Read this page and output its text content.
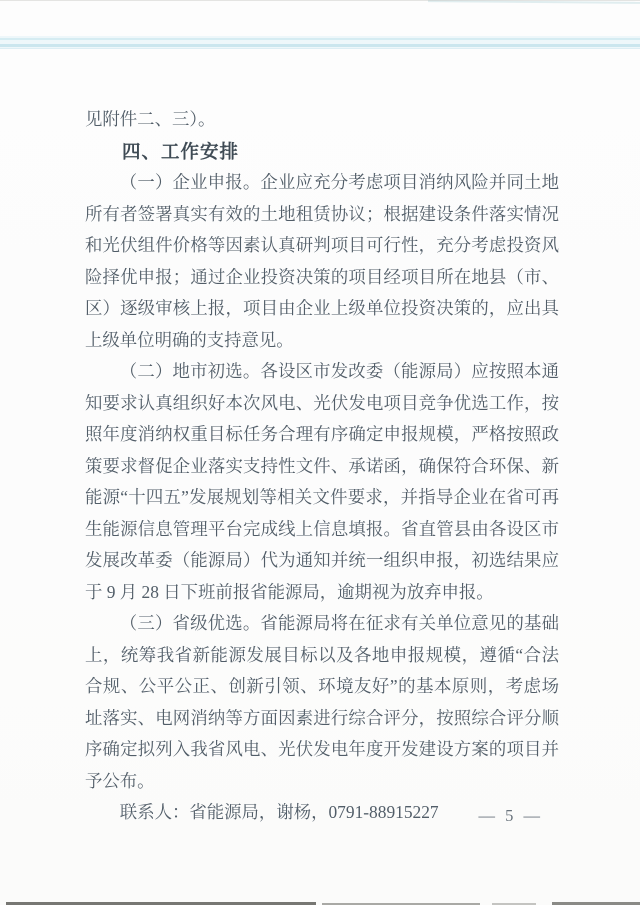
见附件二、三）。

四、工作安排

（一）企业申报。企业应充分考虑项目消纳风险并同土地所有者签署真实有效的土地租赁协议；根据建设条件落实情况和光伏组件价格等因素认真研判项目可行性，充分考虑投资风险择优申报；通过企业投资决策的项目经项目所在地县（市、区）逐级审核上报，项目由企业上级单位投资决策的，应出具上级单位明确的支持意见。

（二）地市初选。各设区市发改委（能源局）应按照本通知要求认真组织好本次风电、光伏发电项目竞争优选工作，按照年度消纳权重目标任务合理有序确定申报规模，严格按照政策要求督促企业落实支持性文件、承诺函，确保符合环保、新能源“十四五”发展规划等相关文件要求，并指导企业在省可再生能源信息管理平台完成线上信息填报。省直管县由各设区市发展改革委（能源局）代为通知并统一组织申报，初选结果应于 9 月 28 日下班前报省能源局，逾期视为放弃申报。

（三）省级优选。省能源局将在征求有关单位意见的基础上，统筹我省新能源发展目标以及各地申报规模，遵循“合法合规、公平公正、创新引领、环境友好”的基本原则，考虑场址落实、电网消纳等方面因素进行综合评分，按照综合评分顺序确定拟列入我省风电、光伏发电年度开发建设方案的项目并予公布。

联系人：省能源局，谢杨，0791-88915227	— 5 —
